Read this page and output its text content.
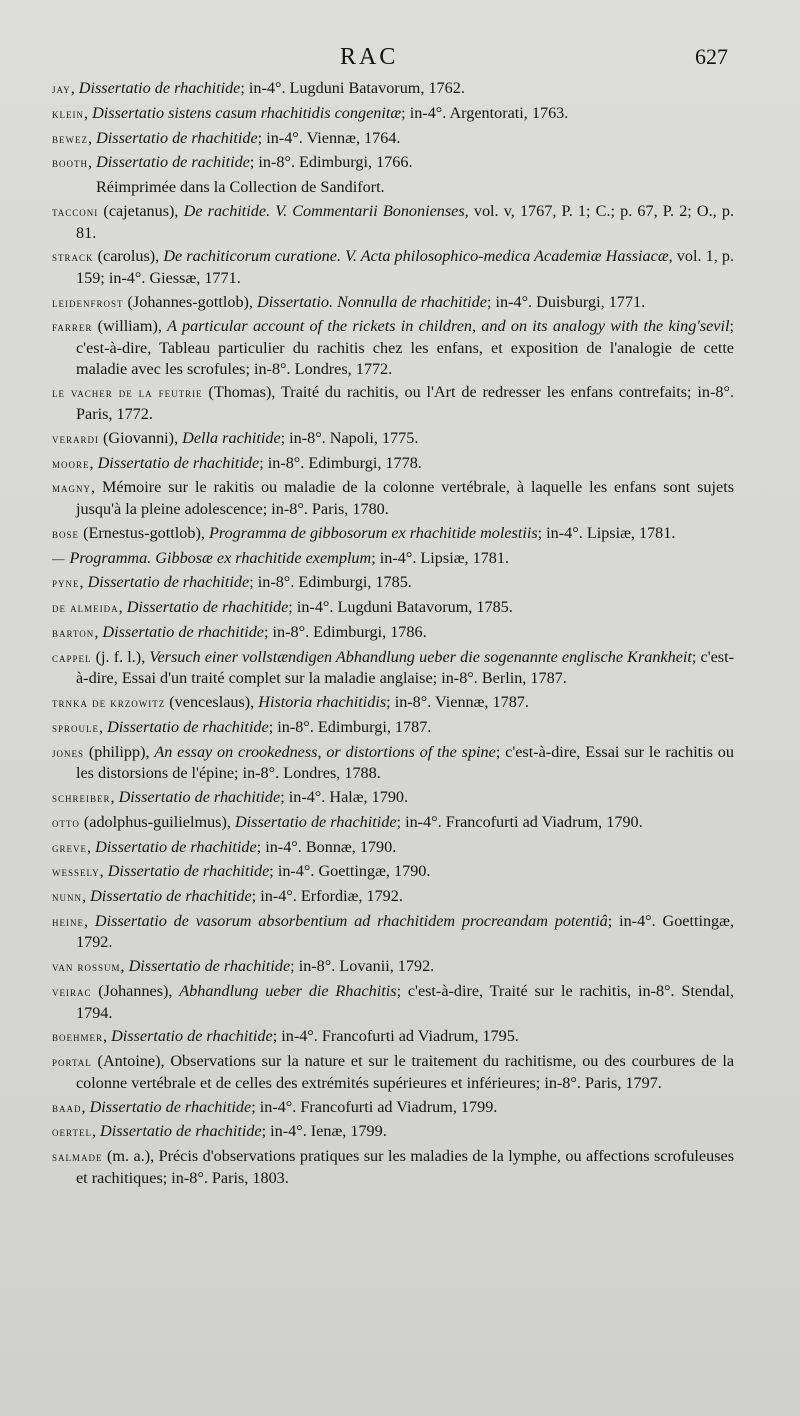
RAC	627

jay, Dissertatio de rhachitide; in-4°. Lugduni Batavorum, 1762.

klein, Dissertatio sistens casum rhachitidis congenitæ; in-4°. Argentorati, 1763.

bewez, Dissertatio de rhachitide; in-4°. Viennæ, 1764.

booth, Dissertatio de rachitide; in-8°. Edimburgi, 1766.

Réimprimée dans la Collection de Sandifort.

tacconi (cajetanus), De rachitide. V. Commentarii Bononienses, vol. v, 1767, P. 1; C.; p. 67, P. 2; O., p. 81.

strack (carolus), De rachiticorum curatione. V. Acta philosophico-medica Academiæ Hassiacæ, vol. 1, p. 159; in-4°. Giessæ, 1771.

leidenfrost (Johannes-gottlob), Dissertatio. Nonnulla de rhachitide; in-4°. Duisburgi, 1771.

farrer (william), A particular account of the rickets in children, and on its analogy with the king'sevil; c'est-à-dire, Tableau particulier du rachitis chez les enfans, et exposition de l'analogie de cette maladie avec les scrofules; in-8°. Londres, 1772.

le vacher de la feutrie (Thomas), Traité du rachitis, ou l'Art de redresser les enfans contrefaits; in-8°. Paris, 1772.

verardi (Giovanni), Della rachitide; in-8°. Napoli, 1775.

moore, Dissertatio de rhachitide; in-8°. Edimburgi, 1778.

magny, Mémoire sur le rakitis ou maladie de la colonne vertébrale, à laquelle les enfans sont sujets jusqu'à la pleine adolescence; in-8°. Paris, 1780.

bose (Ernestus-gottlob), Programma de gibbosorum ex rhachitide molestiis; in-4°. Lipsiæ, 1781.

— Programma. Gibbosæ ex rhachitide exemplum; in-4°. Lipsiæ, 1781.

pyne, Dissertatio de rhachitide; in-8°. Edimburgi, 1785.

de almeida, Dissertatio de rhachitide; in-4°. Lugduni Batavorum, 1785.

barton, Dissertatio de rhachitide; in-8°. Edimburgi, 1786.

cappel (j. f. l.), Versuch einer vollstændigen Abhandlung ueber die sogenannte englische Krankheit; c'est-à-dire, Essai d'un traité complet sur la maladie anglaise; in-8°. Berlin, 1787.

trnka de krzowitz (venceslaus), Historia rhachitidis; in-8°. Viennæ, 1787.

sproule, Dissertatio de rhachitide; in-8°. Edimburgi, 1787.

jones (philipp), An essay on crookedness, or distortions of the spine; c'est-à-dire, Essai sur le rachitis ou les distorsions de l'épine; in-8°. Londres, 1788.

schreiber, Dissertatio de rhachitide; in-4°. Halæ, 1790.

otto (adolphus-guilielmus), Dissertatio de rhachitide; in-4°. Francofurti ad Viadrum, 1790.

greve, Dissertatio de rhachitide; in-4°. Bonnæ, 1790.

wessely, Dissertatio de rhachitide; in-4°. Goettingæ, 1790.

nunn, Dissertatio de rhachitide; in-4°. Erfordiæ, 1792.

heine, Dissertatio de vasorum absorbentium ad rhachitidem procreandam potentiâ; in-4°. Goettingæ, 1792.

van rossum, Dissertatio de rhachitide; in-8°. Lovanii, 1792.

veirac (Johannes), Abhandlung ueber die Rhachitis; c'est-à-dire, Traité sur le rachitis, in-8°. Stendal, 1794.

boehmer, Dissertatio de rhachitide; in-4°. Francofurti ad Viadrum, 1795.

portal (Antoine), Observations sur la nature et sur le traitement du rachitisme, ou des courbures de la colonne vertébrale et de celles des extrémités supérieures et inférieures; in-8°. Paris, 1797.

baad, Dissertatio de rhachitide; in-4°. Francofurti ad Viadrum, 1799.

oertel, Dissertatio de rhachitide; in-4°. Ienæ, 1799.

salmade (m. a.), Précis d'observations pratiques sur les maladies de la lymphe, ou affections scrofuleuses et rachitiques; in-8°. Paris, 1803.
